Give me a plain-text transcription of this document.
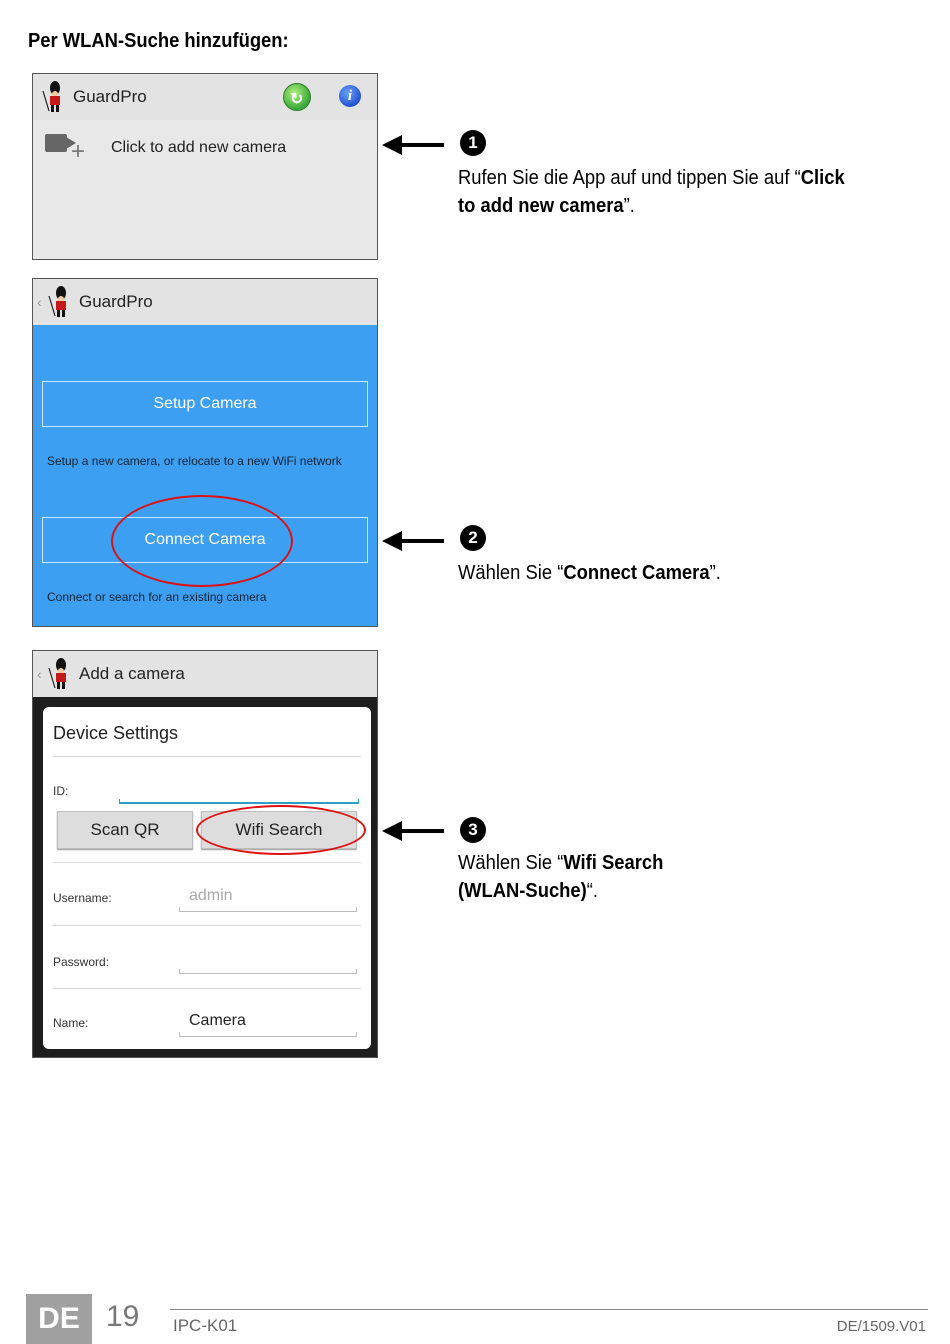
Per WLAN-Suche hinzufügen:
GuardPro	↻	i
+ Click to add new camera
‹ GuardPro
Setup Camera
Setup a new camera, or relocate to a new WiFi network
Connect Camera
Connect or search for an existing camera
‹ Add a camera
Device Settings
ID:
Scan QR	Wifi Search
Username:	admin
Password:
Name:	Camera
1
Rufen Sie die App auf und tippen Sie auf “Click to add new camera”.
2
Wählen Sie “Connect Camera”.
3
Wählen Sie “Wifi Search (WLAN-Suche)“.
DE 19 IPC-K01	DE/1509.V01
